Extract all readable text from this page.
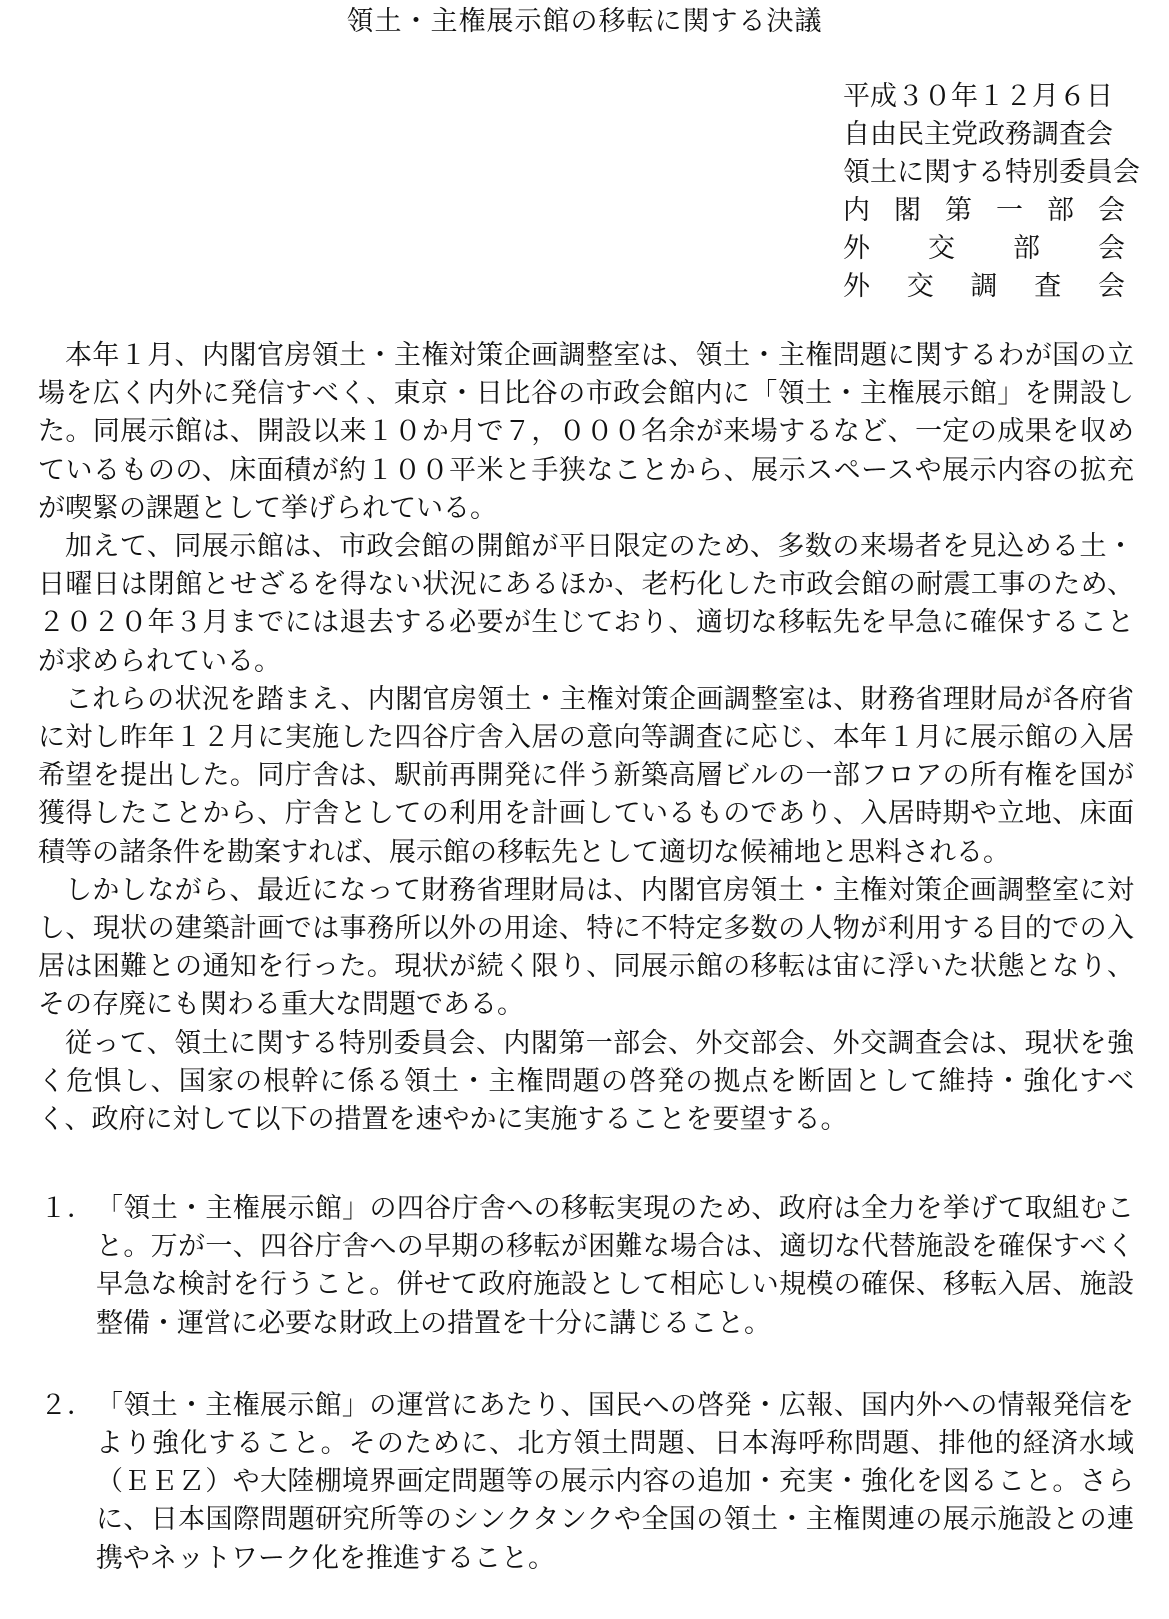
領土・主権展示館の移転に関する決議
平成３０年１２月６日
自由民主党政務調査会
領土に関する特別委員会
内閣第一部会
外交部会
外交調査会

本年１月、内閣官房領土・主権対策企画調整室は、領土・主権問題に関するわが国の立場を広く内外に発信すべく、東京・日比谷の市政会館内に「領土・主権展示館」を開設した。同展示館は、開設以来１０か月で７，０００名余が来場するなど、一定の成果を収めているものの、床面積が約１００平米と手狭なことから、展示スペースや展示内容の拡充が喫緊の課題として挙げられている。

加えて、同展示館は、市政会館の開館が平日限定のため、多数の来場者を見込める土・日曜日は閉館とせざるを得ない状況にあるほか、老朽化した市政会館の耐震工事のため、２０２０年３月までには退去する必要が生じており、適切な移転先を早急に確保することが求められている。

これらの状況を踏まえ、内閣官房領土・主権対策企画調整室は、財務省理財局が各府省に対し昨年１２月に実施した四谷庁舎入居の意向等調査に応じ、本年１月に展示館の入居希望を提出した。同庁舎は、駅前再開発に伴う新築高層ビルの一部フロアの所有権を国が獲得したことから、庁舎としての利用を計画しているものであり、入居時期や立地、床面積等の諸条件を勘案すれば、展示館の移転先として適切な候補地と思料される。

しかしながら、最近になって財務省理財局は、内閣官房領土・主権対策企画調整室に対し、現状の建築計画では事務所以外の用途、特に不特定多数の人物が利用する目的での入居は困難との通知を行った。現状が続く限り、同展示館の移転は宙に浮いた状態となり、その存廃にも関わる重大な問題である。

従って、領土に関する特別委員会、内閣第一部会、外交部会、外交調査会は、現状を強く危惧し、国家の根幹に係る領土・主権問題の啓発の拠点を断固として維持・強化すべく、政府に対して以下の措置を速やかに実施することを要望する。

１． 「領土・主権展示館」の四谷庁舎への移転実現のため、政府は全力を挙げて取組むこと。万が一、四谷庁舎への早期の移転が困難な場合は、適切な代替施設を確保すべく早急な検討を行うこと。併せて政府施設として相応しい規模の確保、移転入居、施設整備・運営に必要な財政上の措置を十分に講じること。
２． 「領土・主権展示館」の運営にあたり、国民への啓発・広報、国内外への情報発信をより強化すること。そのために、北方領土問題、日本海呼称問題、排他的経済水域（ＥＥＺ）や大陸棚境界画定問題等の展示内容の追加・充実・強化を図ること。さらに、日本国際問題研究所等のシンクタンクや全国の領土・主権関連の展示施設との連携やネットワーク化を推進すること。
